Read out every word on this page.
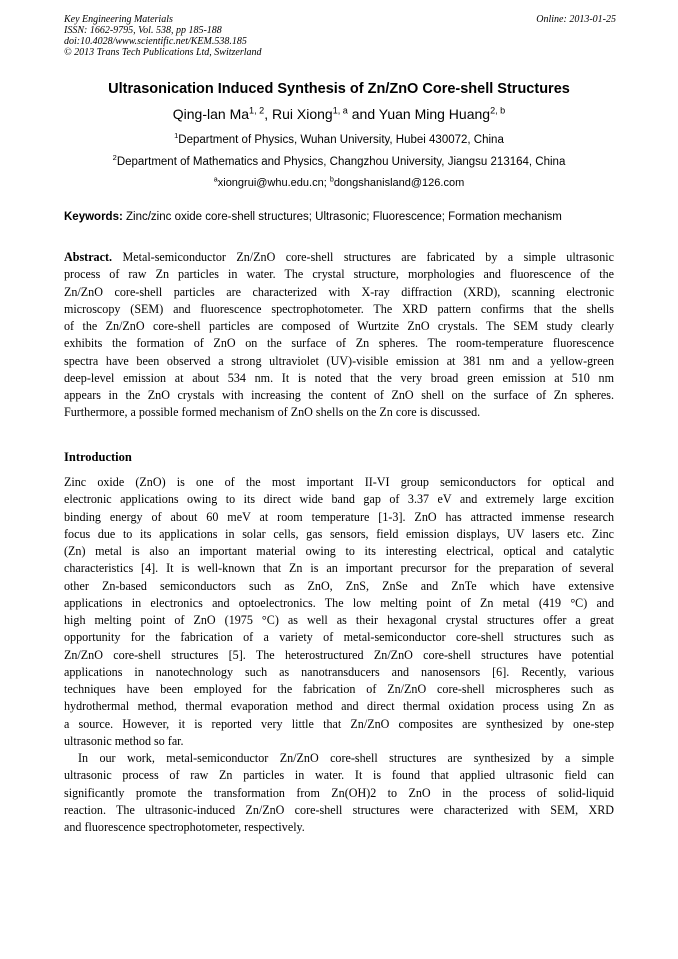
Key Engineering Materials
ISSN: 1662-9795, Vol. 538, pp 185-188
doi:10.4028/www.scientific.net/KEM.538.185
© 2013 Trans Tech Publications Ltd, Switzerland
Online: 2013-01-25
Ultrasonication Induced Synthesis of Zn/ZnO Core-shell Structures
Qing-lan Ma$^{1, 2}$, Rui Xiong$^{1, a}$ and Yuan Ming Huang$^{2, b}$
$^1$Department of Physics, Wuhan University, Hubei 430072, China
$^2$Department of Mathematics and Physics, Changzhou University, Jiangsu 213164, China
$^a$xiongrui@whu.edu.cn; $^b$dongshanisland@126.com
Keywords: Zinc/zinc oxide core-shell structures; Ultrasonic; Fluorescence; Formation mechanism
Abstract. Metal-semiconductor Zn/ZnO core-shell structures are fabricated by a simple ultrasonic
process of raw Zn particles in water. The crystal structure, morphologies and fluorescence of the
Zn/ZnO core-shell particles are characterized with X-ray diffraction (XRD), scanning electronic
microscopy (SEM) and fluorescence spectrophotometer. The XRD pattern confirms that the shells
of the Zn/ZnO core-shell particles are composed of Wurtzite ZnO crystals. The SEM study clearly
exhibits the formation of ZnO on the surface of Zn spheres. The room-temperature fluorescence
spectra have been observed a strong ultraviolet (UV)-visible emission at 381 nm and a yellow-green
deep-level emission at about 534 nm. It is noted that the very broad green emission at 510 nm
appears in the ZnO crystals with increasing the content of ZnO shell on the surface of Zn spheres.
Furthermore, a possible formed mechanism of ZnO shells on the Zn core is discussed.
Introduction
Zinc oxide (ZnO) is one of the most important II-VI group semiconductors for optical and
electronic applications owing to its direct wide band gap of 3.37 eV and extremely large excition
binding energy of about 60 meV at room temperature [1-3]. ZnO has attracted immense research
focus due to its applications in solar cells, gas sensors, field emission displays, UV lasers etc. Zinc
(Zn) metal is also an important material owing to its interesting electrical, optical and catalytic
characteristics [4]. It is well-known that Zn is an important precursor for the preparation of several
other Zn-based semiconductors such as ZnO, ZnS, ZnSe and ZnTe which have extensive
applications in electronics and optoelectronics. The low melting point of Zn metal (419 °C) and
high melting point of ZnO (1975 °C) as well as their hexagonal crystal structures offer a great
opportunity for the fabrication of a variety of metal-semiconductor core-shell structures such as
Zn/ZnO core-shell structures [5]. The heterostructured Zn/ZnO core-shell structures have potential
applications in nanotechnology such as nanotransducers and nanosensors [6]. Recently, various
techniques have been employed for the fabrication of Zn/ZnO core-shell microspheres such as
hydrothermal method, thermal evaporation method and direct thermal oxidation process using Zn as
a source. However, it is reported very little that Zn/ZnO composites are synthesized by one-step
ultrasonic method so far.
In our work, metal-semiconductor Zn/ZnO core-shell structures are synthesized by a simple
ultrasonic process of raw Zn particles in water. It is found that applied ultrasonic field can
significantly promote the transformation from Zn(OH)2 to ZnO in the process of solid-liquid
reaction. The ultrasonic-induced Zn/ZnO core-shell structures were characterized with SEM, XRD
and fluorescence spectrophotometer, respectively.
